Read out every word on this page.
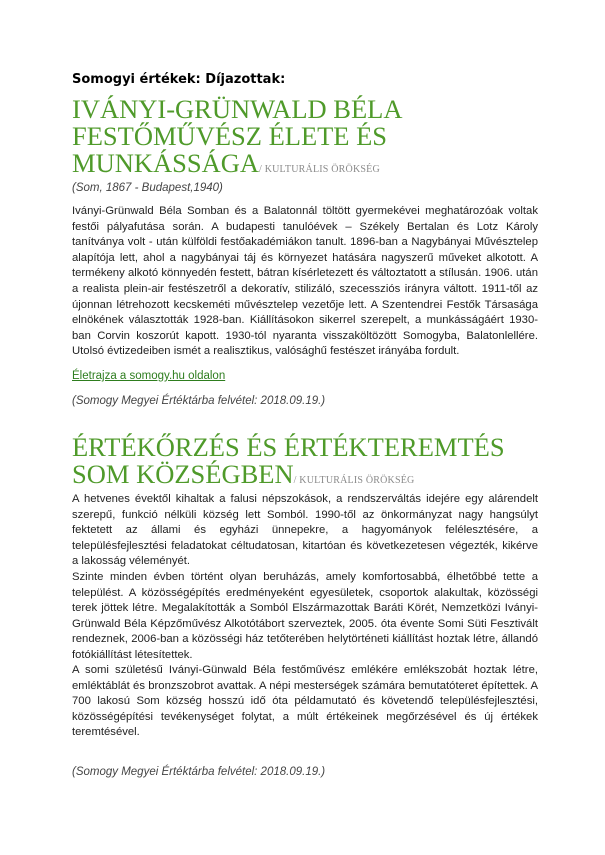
Somogyi értékek: Díjazottak:
IVÁNYI-GRÜNWALD BÉLA FESTŐMŰVÉSZ ÉLETE ÉS MUNKÁSSÁGA/ KULTURÁLIS ÖRÖKSÉG
(Som, 1867 - Budapest,1940)

Iványi-Grünwald Béla Somban és a Balatonnál töltött gyermekévei meghatározóak voltak festői pályafutása során. A budapesti tanulóévek – Székely Bertalan és Lotz Károly tanítványa volt - után külföldi festőakadémiákon tanult. 1896-ban a Nagybányai Művésztelep alapítója lett, ahol a nagybányai táj és környezet hatására nagyszerű műveket alkotott. A termékeny alkotó könnyedén festett, bátran kísérletezett és változtatott a stílusán. 1906. után a realista plein-air festészetről a dekoratív, stilizáló, szecessziós irányra váltott. 1911-től az újonnan létrehozott kecskeméti művésztelep vezetője lett. A Szentendrei Festők Társasága elnökének választották 1928-ban. Kiállításokon sikerrel szerepelt, a munkásságáért 1930-ban Corvin koszorút kapott. 1930-tól nyaranta visszaköltözött Somogyba, Balatonlellére. Utolsó évtizedeiben ismét a realisztikus, valósághű festészet irányába fordult.

Életrajza a somogy.hu oldalon
(Somogy Megyei Értéktárba felvétel: 2018.09.19.)
ÉRTÉKŐRZÉS ÉS ÉRTÉKTEREMTÉS SOM KÖZSÉGBEN/ KULTURÁLIS ÖRÖKSÉG

A hetvenes évektől kihaltak a falusi népszokások, a rendszerváltás idejére egy alárendelt szerepű, funkció nélküli község lett Somból. 1990-től az önkormányzat nagy hangsúlyt fektetett az állami és egyházi ünnepekre, a hagyományok felélesztésére, a településfejlesztési feladatokat céltudatosan, kitartóan és következetesen végezték, kikérve a lakosság véleményét.

Szinte minden évben történt olyan beruházás, amely komfortosabbá, élhetőbbé tette a települést. A közösségépítés eredményeként egyesületek, csoportok alakultak, közösségi terek jöttek létre. Megalakították a Somból Elszármazottak Baráti Körét, Nemzetközi Iványi-Grünwald Béla Képzőművész Alkotótábort szerveztek, 2005. óta évente Somi Süti Fesztivált rendeznek, 2006-ban a közösségi ház tetőterében helytörténeti kiállítást hoztak létre, állandó fotókiállítást létesítettek.

A somi születésű Iványi-Günwald Béla festőművész emlékére emlékszobát hoztak létre, emléktáblát és bronzszobrot avattak. A népi mesterségek számára bemutatóteret építettek. A 700 lakosú Som község hosszú idő óta példamutató és követendő településfejlesztési, közösségépítési tevékenységet folytat, a múlt értékeinek megőrzésével és új értékek teremtésével.

(Somogy Megyei Értéktárba felvétel: 2018.09.19.)
